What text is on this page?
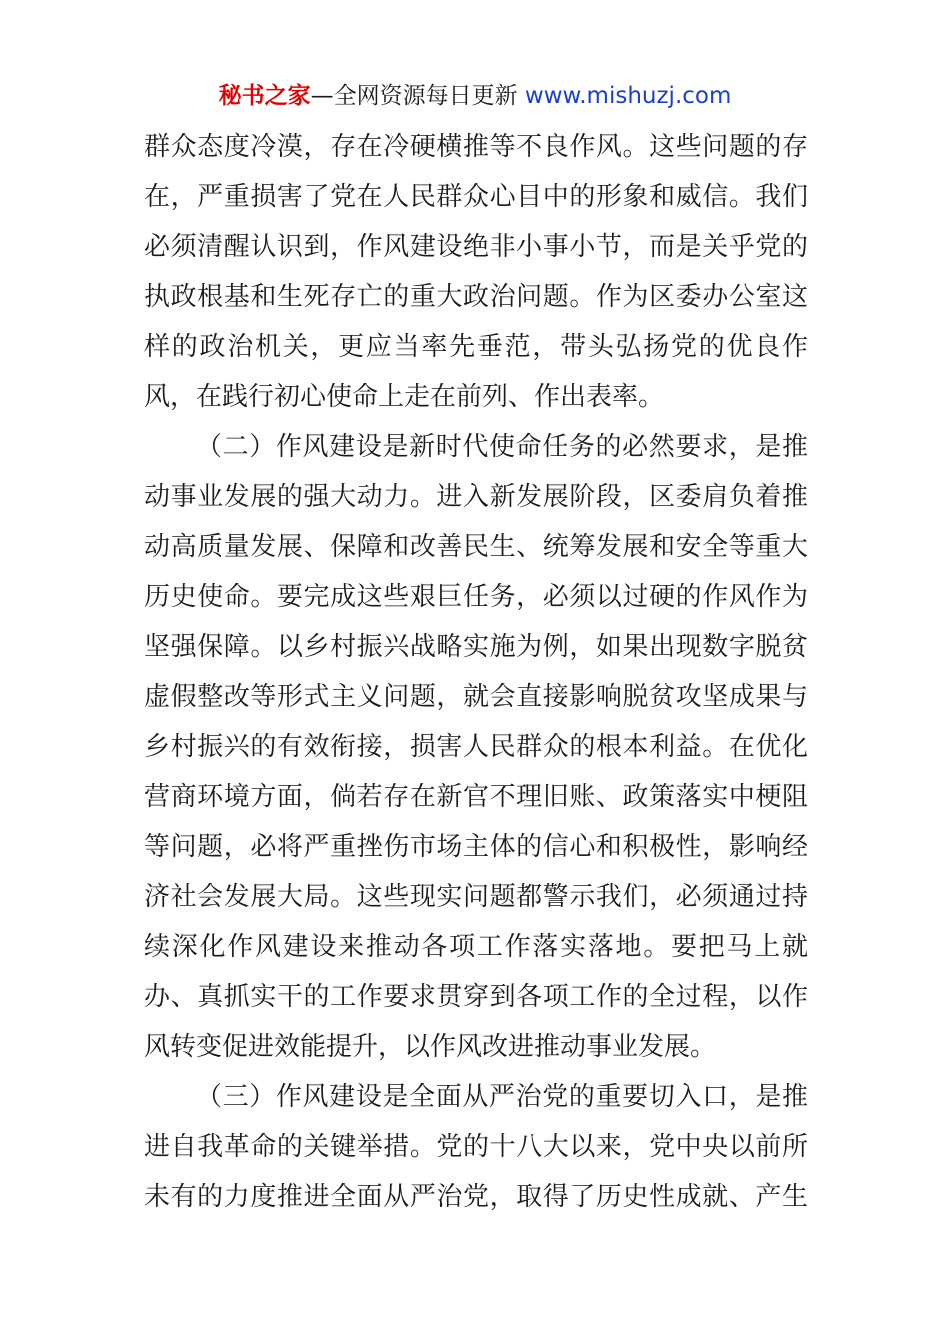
秘书之家—全网资源每日更新 www.mishuzj.com
群众态度冷漠，存在冷硬横推等不良作风。这些问题的存
在，严重损害了党在人民群众心目中的形象和威信。我们
必须清醒认识到，作风建设绝非小事小节，而是关乎党的
执政根基和生死存亡的重大政治问题。作为区委办公室这
样的政治机关，更应当率先垂范，带头弘扬党的优良作
风，在践行初心使命上走在前列、作出表率。
（二）作风建设是新时代使命任务的必然要求，是推
动事业发展的强大动力。进入新发展阶段，区委肩负着推
动高质量发展、保障和改善民生、统筹发展和安全等重大
历史使命。要完成这些艰巨任务，必须以过硬的作风作为
坚强保障。以乡村振兴战略实施为例，如果出现数字脱贫
虚假整改等形式主义问题，就会直接影响脱贫攻坚成果与
乡村振兴的有效衔接，损害人民群众的根本利益。在优化
营商环境方面，倘若存在新官不理旧账、政策落实中梗阻
等问题，必将严重挫伤市场主体的信心和积极性，影响经
济社会发展大局。这些现实问题都警示我们，必须通过持
续深化作风建设来推动各项工作落实落地。要把马上就
办、真抓实干的工作要求贯穿到各项工作的全过程，以作
风转变促进效能提升，以作风改进推动事业发展。
（三）作风建设是全面从严治党的重要切入口，是推
进自我革命的关键举措。党的十八大以来，党中央以前所
未有的力度推进全面从严治党，取得了历史性成就、产生
